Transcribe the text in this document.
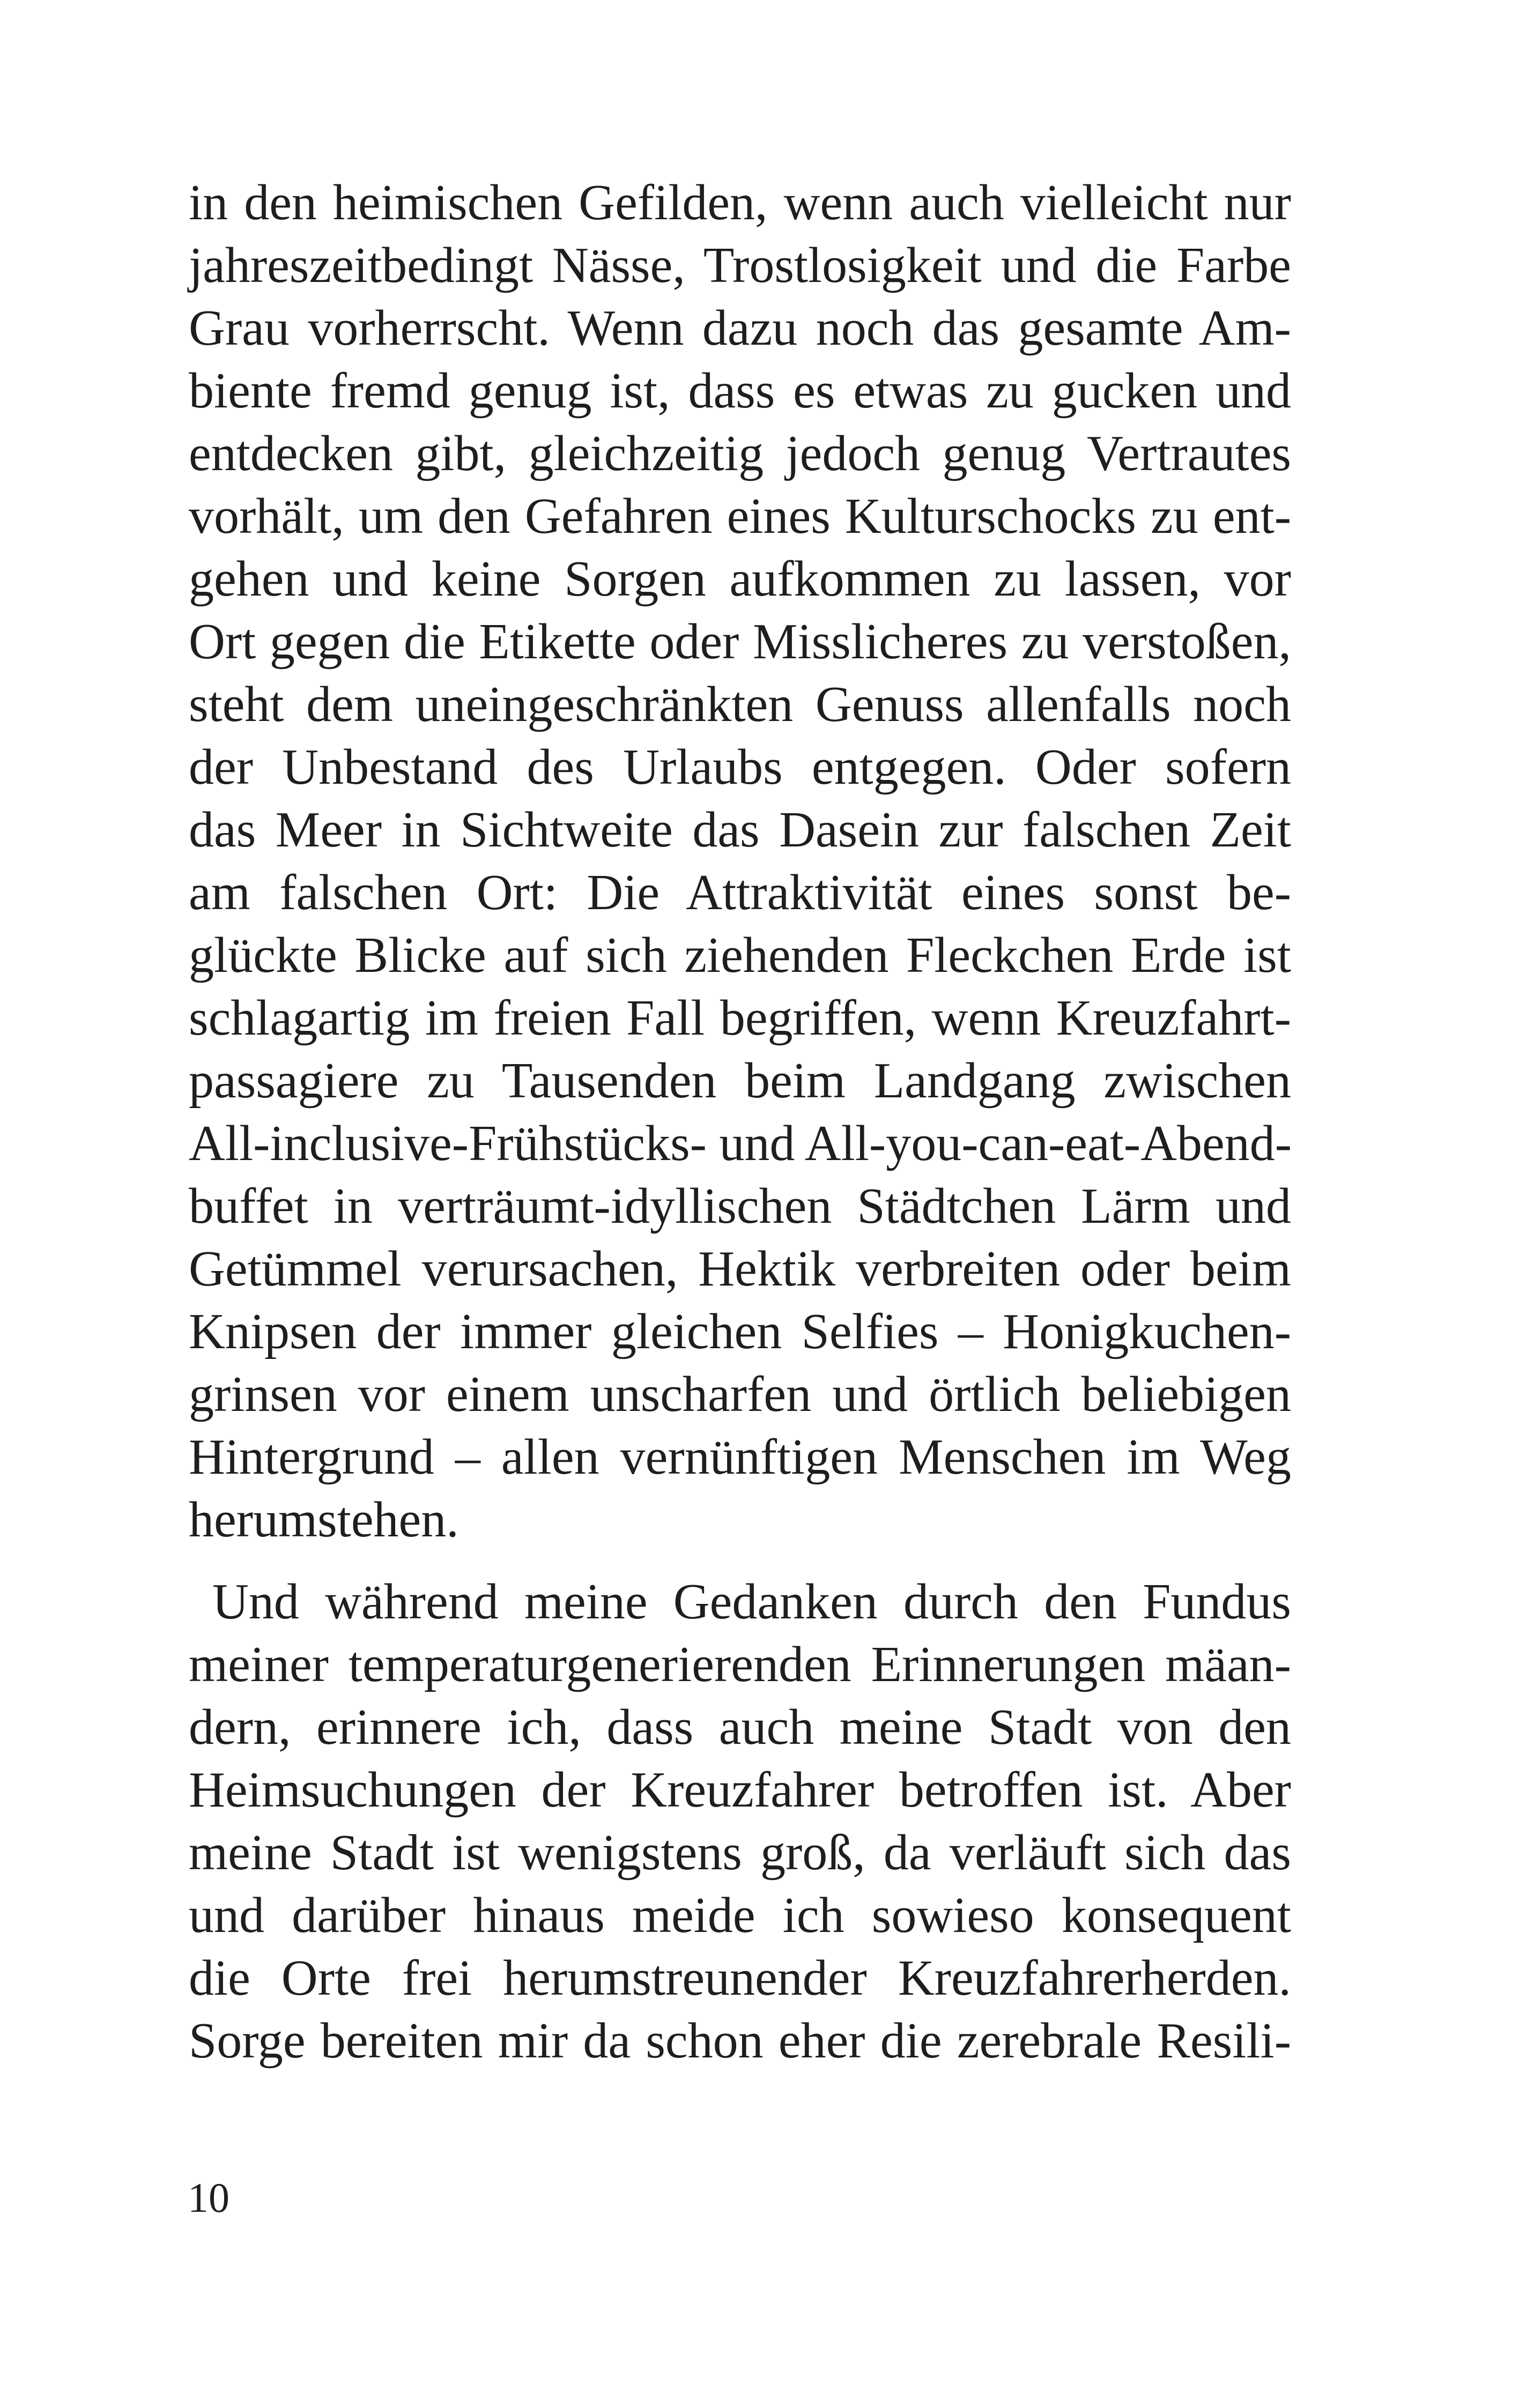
in den heimischen Gefilden, wenn auch vielleicht nur
jahreszeitbedingt Nässe, Trostlosigkeit und die Farbe
Grau vorherrscht. Wenn dazu noch das gesamte Am-
biente fremd genug ist, dass es etwas zu gucken und
entdecken gibt, gleichzeitig jedoch genug Vertrautes
vorhält, um den Gefahren eines Kulturschocks zu ent-
gehen und keine Sorgen aufkommen zu lassen, vor
Ort gegen die Etikette oder Misslicheres zu verstoßen,
steht dem uneingeschränkten Genuss allenfalls noch
der Unbestand des Urlaubs entgegen. Oder sofern
das Meer in Sichtweite das Dasein zur falschen Zeit
am falschen Ort: Die Attraktivität eines sonst be-
glückte Blicke auf sich ziehenden Fleckchen Erde ist
schlagartig im freien Fall begriffen, wenn Kreuzfahrt-
passagiere zu Tausenden beim Landgang zwischen
All-inclusive-Frühstücks- und All-you-can-eat-Abend-
buffet in verträumt-idyllischen Städtchen Lärm und
Getümmel verursachen, Hektik verbreiten oder beim
Knipsen der immer gleichen Selfies – Honigkuchen-
grinsen vor einem unscharfen und örtlich beliebigen
Hintergrund – allen vernünftigen Menschen im Weg
herumstehen.
Und während meine Gedanken durch den Fundus
meiner temperaturgenerierenden Erinnerungen mäan-
dern, erinnere ich, dass auch meine Stadt von den
Heimsuchungen der Kreuzfahrer betroffen ist. Aber
meine Stadt ist wenigstens groß, da verläuft sich das
und darüber hinaus meide ich sowieso konsequent
die Orte frei herumstreunender Kreuzfahrerherden.
Sorge bereiten mir da schon eher die zerebrale Resili-
10
